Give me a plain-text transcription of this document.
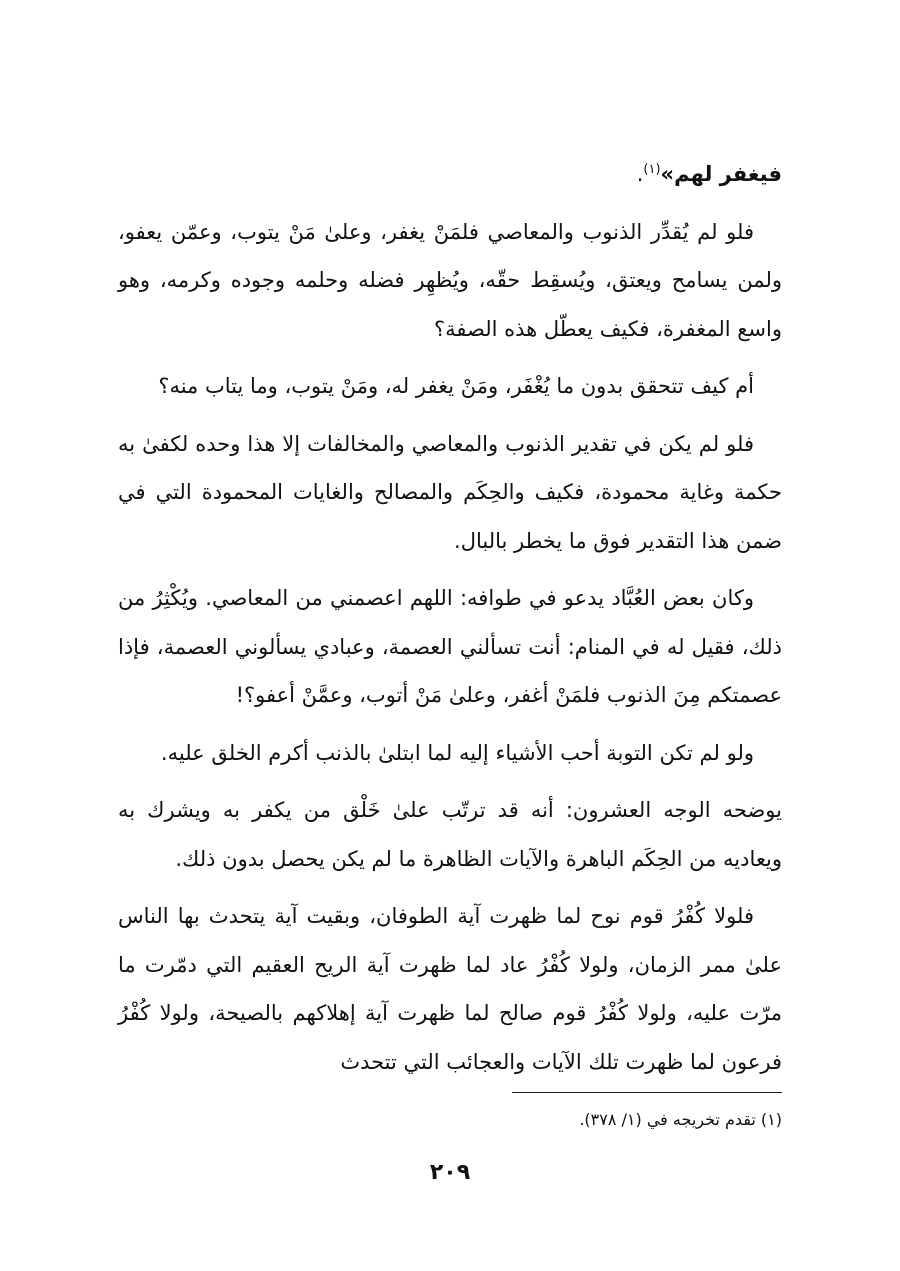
فيغفر لهم»$^{(١)}$.

فلو لم يُقدِّر الذنوب والمعاصي فلمَنْ يغفر، وعلىٰ مَنْ يتوب، وعمّن يعفو، ولمن يسامح ويعتق، ويُسقِط حقّه، ويُظهِر فضله وحلمه وجوده وكرمه، وهو واسع المغفرة، فكيف يعطّل هذه الصفة؟

أم كيف تتحقق بدون ما يُغْفَر، ومَنْ يغفر له، ومَنْ يتوب، وما يتاب منه؟

فلو لم يكن في تقدير الذنوب والمعاصي والمخالفات إلا هذا وحده لكفىٰ به حكمة وغاية محمودة، فكيف والحِكَم والمصالح والغايات المحمودة التي في ضمن هذا التقدير فوق ما يخطر بالبال.

وكان بعض العُبَّاد يدعو في طوافه: اللهم اعصمني من المعاصي. ويُكْثِرُ من ذلك، فقيل له في المنام: أنت تسألني العصمة، وعبادي يسألوني العصمة، فإذا عصمتكم مِنَ الذنوب فلمَنْ أغفر، وعلىٰ مَنْ أتوب، وعمَّنْ أعفو؟!

ولو لم تكن التوبة أحب الأشياء إليه لما ابتلىٰ بالذنب أكرم الخلق عليه.

يوضحه الوجه العشرون: أنه قد ترتّب علىٰ خَلْق من يكفر به ويشرك به ويعاديه من الحِكَم الباهرة والآيات الظاهرة ما لم يكن يحصل بدون ذلك.

فلولا كُفْرُ قوم نوح لما ظهرت آية الطوفان، وبقيت آية يتحدث بها الناس علىٰ ممر الزمان، ولولا كُفْرُ عاد لما ظهرت آية الريح العقيم التي دمّرت ما مرّت عليه، ولولا كُفْرُ قوم صالح لما ظهرت آية إهلاكهم بالصيحة، ولولا كُفْرُ فرعون لما ظهرت تلك الآيات والعجائب التي تتحدث

(١) تقدم تخريجه في (١/ ٣٧٨).
٢٠٩
